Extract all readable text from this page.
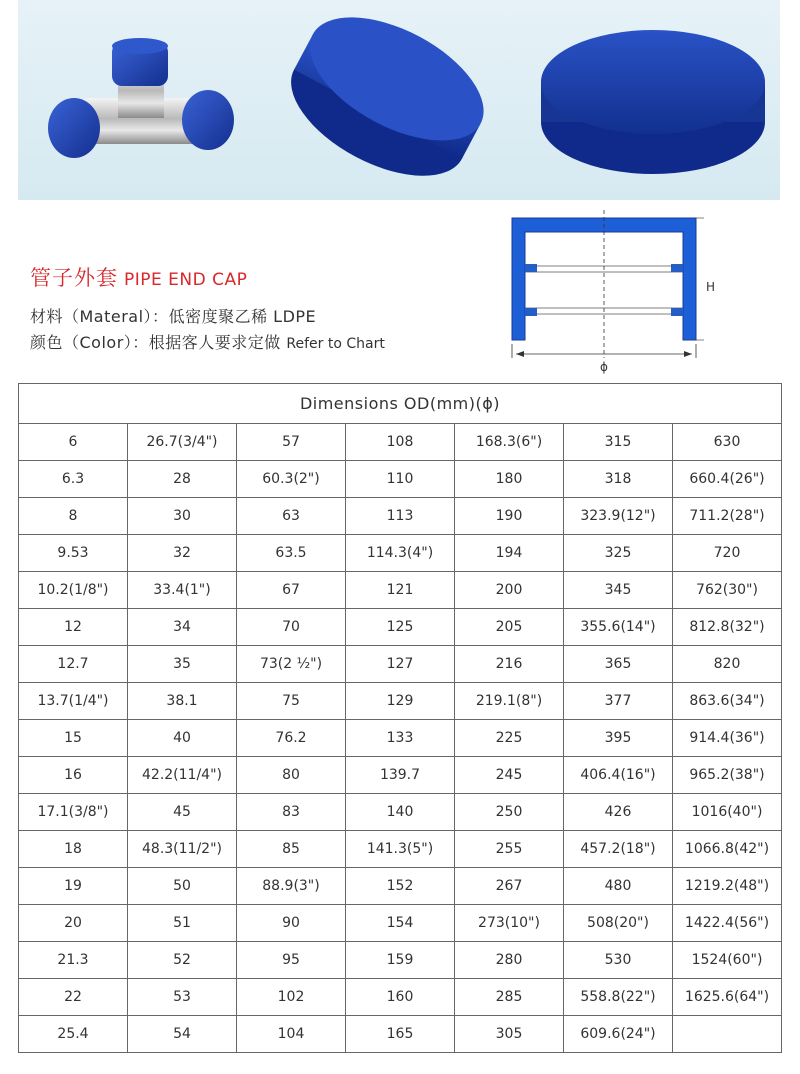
管子外套 PIPE END CAP
材料（Materal）：低密度聚乙稀 LDPE
颜色（Color）：根据客人要求定做 Refer to Chart
H
ϕ
Dimensions OD(mm)(ϕ)						
6	26.7(3/4")	57	108	168.3(6")	315	630
6.3	28	60.3(2")	110	180	318	660.4(26")
8	30	63	113	190	323.9(12")	711.2(28")
9.53	32	63.5	114.3(4")	194	325	720
10.2(1/8")	33.4(1")	67	121	200	345	762(30")
12	34	70	125	205	355.6(14")	812.8(32")
12.7	35	73(2 ½")	127	216	365	820
13.7(1/4")	38.1	75	129	219.1(8")	377	863.6(34")
15	40	76.2	133	225	395	914.4(36")
16	42.2(11/4")	80	139.7	245	406.4(16")	965.2(38")
17.1(3/8")	45	83	140	250	426	1016(40")
18	48.3(11/2")	85	141.3(5")	255	457.2(18")	1066.8(42")
19	50	88.9(3")	152	267	480	1219.2(48")
20	51	90	154	273(10")	508(20")	1422.4(56")
21.3	52	95	159	280	530	1524(60")
22	53	102	160	285	558.8(22")	1625.6(64")
25.4	54	104	165	305	609.6(24")	
